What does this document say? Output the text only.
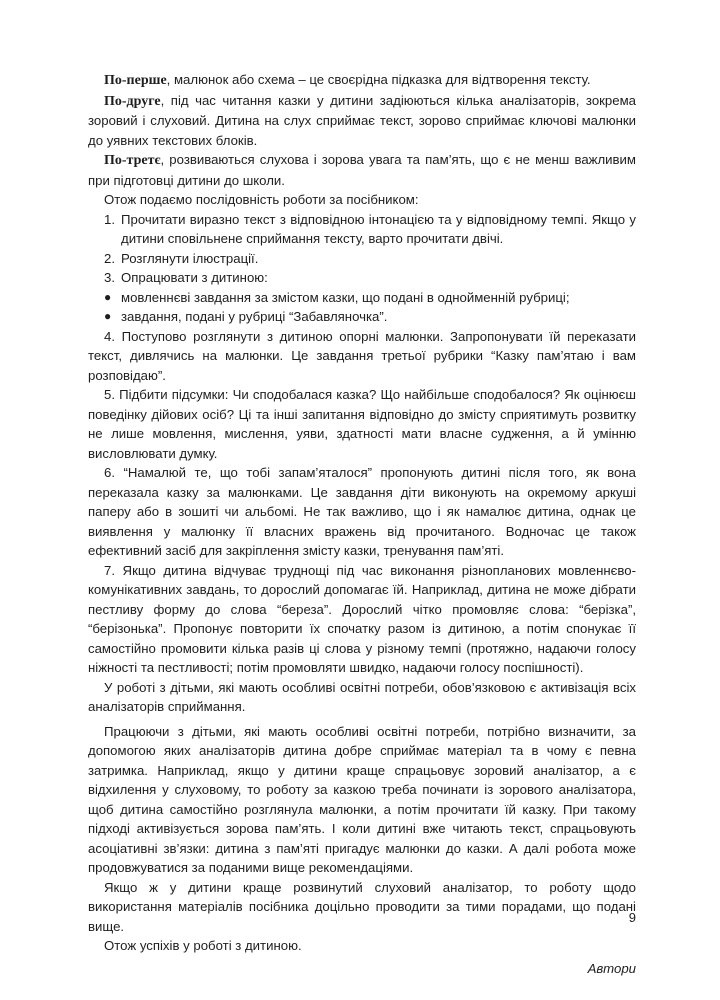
По-перше, малюнок або схема – це своєрідна підказка для відтворення тексту.

По-друге, під час читання казки у дитини задіюються кілька аналізаторів, зокрема зоровий і слуховий. Дитина на слух сприймає текст, зорово сприймає ключові малюнки до уявних текстових блоків.

По-третє, розвиваються слухова і зорова увага та пам’ять, що є не менш важливим при підготовці дитини до школи.

Отож подаємо послідовність роботи за посібником:

1. Прочитати виразно текст з відповідною інтонацією та у відповідному темпі. Якщо у дитини сповільнене сприймання тексту, варто прочитати двічі.
2. Розглянути ілюстрації.
3. Опрацювати з дитиною:
● мовленнєві завдання за змістом казки, що подані в однойменній рубриці;
● завдання, подані у рубриці “Забавляночка”.

4. Поступово розглянути з дитиною опорні малюнки. Запропонувати їй переказати текст, дивлячись на малюнки. Це завдання третьої рубрики “Казку пам’ятаю і вам розповідаю”.

5. Підбити підсумки: Чи сподобалася казка? Що найбільше сподобалося? Як оцінюєш поведінку дійових осіб? Ці та інші запитання відповідно до змісту сприятимуть розвитку не лише мовлення, мислення, уяви, здатності мати власне судження, а й умінню висловлювати думку.

6. “Намалюй те, що тобі запам’яталося” пропонують дитині після того, як вона переказала казку за малюнками. Це завдання діти виконують на окремому аркуші паперу або в зошиті чи альбомі. Не так важливо, що і як намалює дитина, однак це виявлення у малюнку її власних вражень від прочитаного. Водночас це також ефективний засіб для закріплення змісту казки, тренування пам’яті.

7. Якщо дитина відчуває труднощі під час виконання різнопланових мовленнєво-комунікативних завдань, то дорослий допомагає їй. Наприклад, дитина не може дібрати пестливу форму до слова “береза”. Дорослий чітко промовляє слова: “берізка”, “берізонька”. Пропонує повторити їх спочатку разом із дитиною, а потім спонукає її самостійно промовити кілька разів ці слова у різному темпі (протяжно, надаючи голосу ніжності та пестливості; потім промовляти швидко, надаючи голосу поспішності).

У роботі з дітьми, які мають особливі освітні потреби, обов’язковою є активізація всіх аналізаторів сприймання.

Працюючи з дітьми, які мають особливі освітні потреби, потрібно визначити, за допомогою яких аналізаторів дитина добре сприймає матеріал та в чому є певна затримка. Наприклад, якщо у дитини краще спрацьовує зоровий аналізатор, а є відхилення у слуховому, то роботу за казкою треба починати із зорового аналізатора, щоб дитина самостійно розглянула малюнки, а потім прочитати їй казку. При такому підході активізується зорова пам’ять. І коли дитині вже читають текст, спрацьовують асоціативні зв’язки: дитина з пам’яті пригадує малюнки до казки. А далі робота може продовжуватися за поданими вище рекомендаціями.

Якщо ж у дитини краще розвинутий слуховий аналізатор, то роботу щодо використання матеріалів посібника доцільно проводити за тими порадами, що подані вище.

Отож успіхів у роботі з дитиною.

Автори
9
